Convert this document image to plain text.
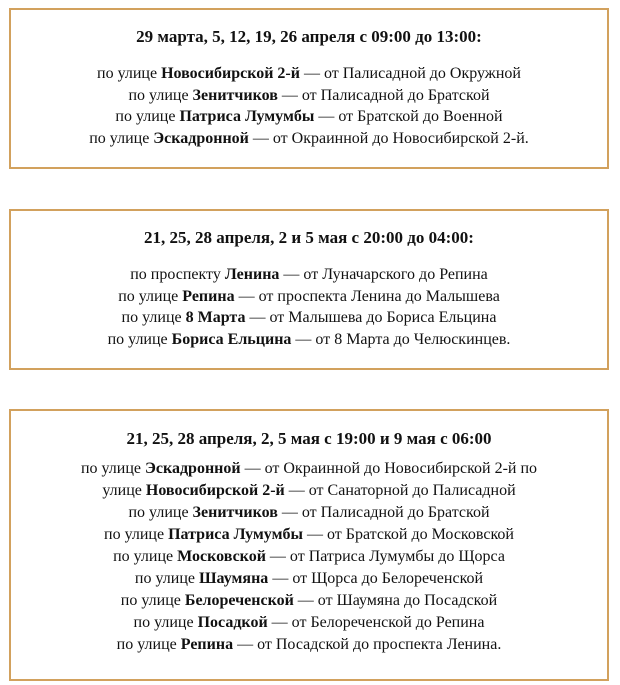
29 марта, 5, 12, 19, 26 апреля с 09:00 до 13:00:

по улице Новосибирской 2-й — от Палисадной до Окружной
по улице Зенитчиков — от Палисадной до Братской
по улице Патриса Лумумбы — от Братской до Военной
по улице Эскадронной — от Окраинной до Новосибирской 2-й.

21, 25, 28 апреля, 2 и 5 мая с 20:00 до 04:00:

по проспекту Ленина — от Луначарского до Репина
по улице Репина — от проспекта Ленина до Малышева
по улице 8 Марта — от Малышева до Бориса Ельцина
по улице Бориса Ельцина — от 8 Марта до Челюскинцев.

21, 25, 28 апреля, 2, 5 мая с 19:00 и 9 мая с 06:00

по улице Эскадронной — от Окраинной до Новосибирской 2-й по
улице Новосибирской 2-й — от Санаторной до Палисадной
по улице Зенитчиков — от Палисадной до Братской
по улице Патриса Лумумбы — от Братской до Московской
по улице Московской — от Патриса Лумумбы до Щорса
по улице Шаумяна — от Щорса до Белореченской
по улице Белореченской — от Шаумяна до Посадской
по улице Посадкой — от Белореченской до Репина
по улице Репина — от Посадской до проспекта Ленина.
